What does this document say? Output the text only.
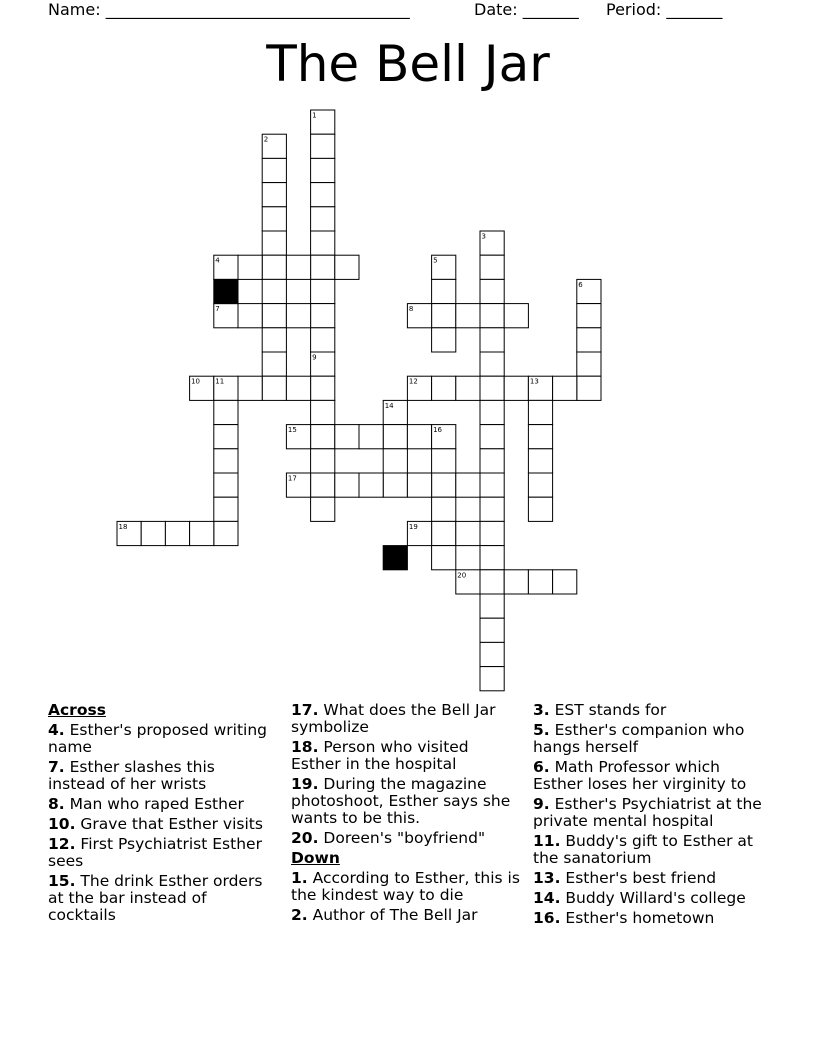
Name: ______________________________________	Date: _______ Period: _______
The Bell Jar
1
2
3
4	5
6
7	8
9
10 11	12	13
14
15	16
17
18	19
20
Across
4. Esther's proposed writing name
7. Esther slashes this instead of her wrists
8. Man who raped Esther
10. Grave that Esther visits
12. First Psychiatrist Esther sees
15. The drink Esther orders at the bar instead of cocktails
17. What does the Bell Jar symbolize
18. Person who visited Esther in the hospital
19. During the magazine photoshoot, Esther says she wants to be this.
20. Doreen's "boyfriend"
Down
1. According to Esther, this is the kindest way to die
2. Author of The Bell Jar
3. EST stands for
5. Esther's companion who hangs herself
6. Math Professor which Esther loses her virginity to
9. Esther's Psychiatrist at the private mental hospital
11. Buddy's gift to Esther at the sanatorium
13. Esther's best friend
14. Buddy Willard's college
16. Esther's hometown
